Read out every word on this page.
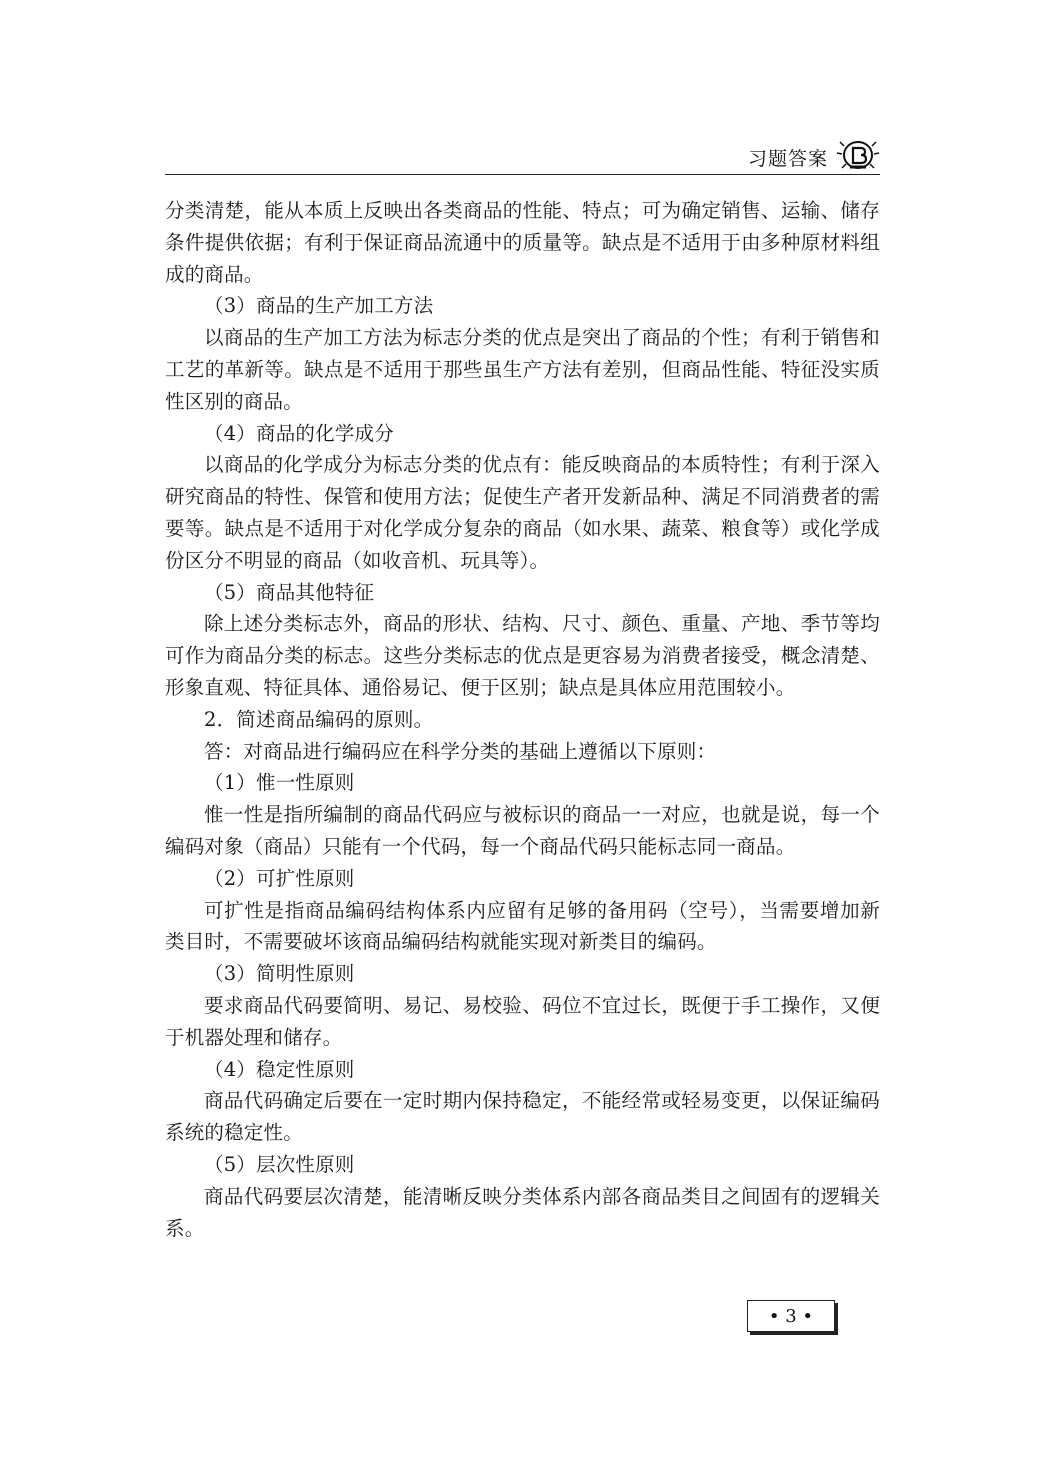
习题答案

分类清楚，能从本质上反映出各类商品的性能、特点；可为确定销售、运输、储存条件提供依据；有利于保证商品流通中的质量等。缺点是不适用于由多种原材料组成的商品。

（3）商品的生产加工方法

以商品的生产加工方法为标志分类的优点是突出了商品的个性；有利于销售和工艺的革新等。缺点是不适用于那些虽生产方法有差别，但商品性能、特征没实质性区别的商品。

（4）商品的化学成分

以商品的化学成分为标志分类的优点有：能反映商品的本质特性；有利于深入研究商品的特性、保管和使用方法；促使生产者开发新品种、满足不同消费者的需要等。缺点是不适用于对化学成分复杂的商品（如水果、蔬菜、粮食等）或化学成份区分不明显的商品（如收音机、玩具等）。

（5）商品其他特征

除上述分类标志外，商品的形状、结构、尺寸、颜色、重量、产地、季节等均可作为商品分类的标志。这些分类标志的优点是更容易为消费者接受，概念清楚、形象直观、特征具体、通俗易记、便于区别；缺点是具体应用范围较小。

2．简述商品编码的原则。

答：对商品进行编码应在科学分类的基础上遵循以下原则：

（1）惟一性原则

惟一性是指所编制的商品代码应与被标识的商品一一对应，也就是说，每一个编码对象（商品）只能有一个代码，每一个商品代码只能标志同一商品。

（2）可扩性原则

可扩性是指商品编码结构体系内应留有足够的备用码（空号），当需要增加新类目时，不需要破坏该商品编码结构就能实现对新类目的编码。

（3）简明性原则

要求商品代码要简明、易记、易校验、码位不宜过长，既便于手工操作，又便于机器处理和储存。

（4）稳定性原则

商品代码确定后要在一定时期内保持稳定，不能经常或轻易变更，以保证编码系统的稳定性。

（5）层次性原则

商品代码要层次清楚，能清晰反映分类体系内部各商品类目之间固有的逻辑关系。

• 3 •
